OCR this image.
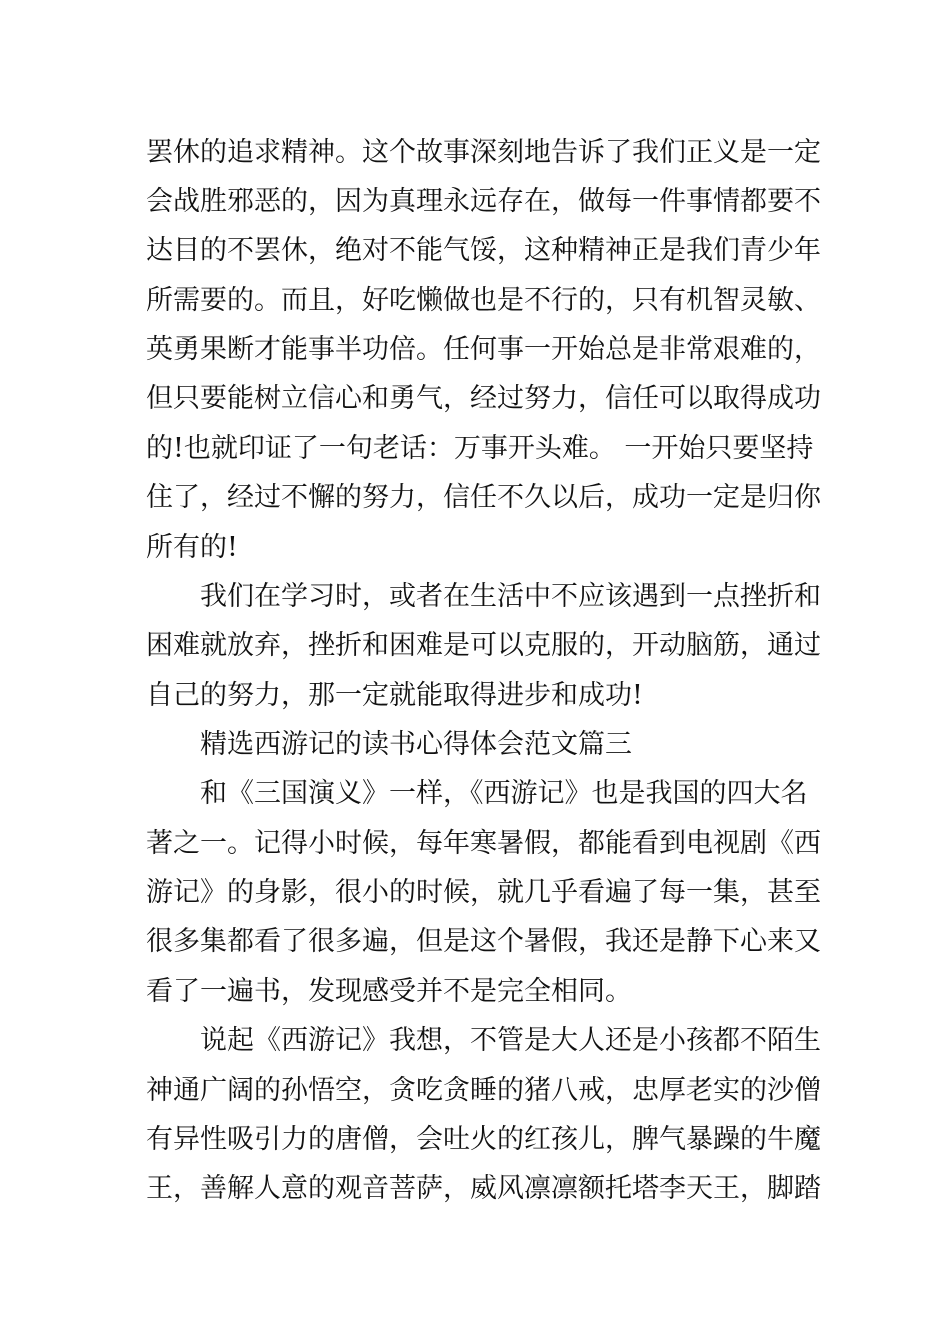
罢休的追求精神。这个故事深刻地告诉了我们正义是一定
会战胜邪恶的，因为真理永远存在，做每一件事情都要不
达目的不罢休，绝对不能气馁，这种精神正是我们青少年
所需要的。而且，好吃懒做也是不行的，只有机智灵敏、
英勇果断才能事半功倍。任何事一开始总是非常艰难的，
但只要能树立信心和勇气，经过努力，信任可以取得成功
的!也就印证了一句老话：万事开头难。 一开始只要坚持
住了，经过不懈的努力，信任不久以后，成功一定是归你
所有的!
我们在学习时，或者在生活中不应该遇到一点挫折和
困难就放弃，挫折和困难是可以克服的，开动脑筋，通过
自己的努力，那一定就能取得进步和成功!
精选西游记的读书心得体会范文篇三
和《三国演义》一样，《西游记》也是我国的四大名
著之一。记得小时候，每年寒暑假，都能看到电视剧《西
游记》的身影，很小的时候，就几乎看遍了每一集，甚至
很多集都看了很多遍，但是这个暑假，我还是静下心来又
看了一遍书，发现感受并不是完全相同。
说起《西游记》我想，不管是大人还是小孩都不陌生
神通广阔的孙悟空，贪吃贪睡的猪八戒，忠厚老实的沙僧
有异性吸引力的唐僧，会吐火的红孩儿，脾气暴躁的牛魔
王，善解人意的观音菩萨，威风凛凛额托塔李天王，脚踏
